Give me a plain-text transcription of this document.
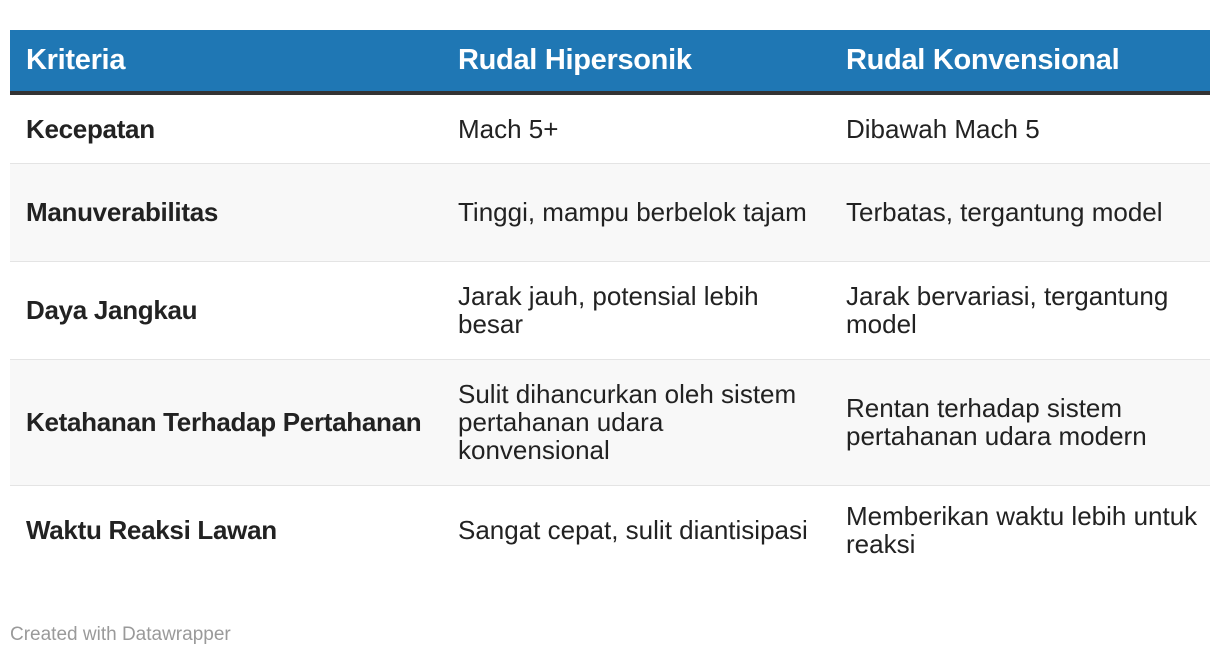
Kriteria	Rudal Hipersonik	Rudal Konvensional
Kecepatan	Mach 5+	Dibawah Mach 5
Manuverabilitas	Tinggi, mampu berbelok tajam	Terbatas, tergantung model
Daya Jangkau	Jarak jauh, potensial lebih besar	Jarak bervariasi, tergantung model
Ketahanan Terhadap Pertahanan	Sulit dihancurkan oleh sistem pertahanan udara konvensional	Rentan terhadap sistem pertahanan udara modern
Waktu Reaksi Lawan	Sangat cepat, sulit diantisipasi	Memberikan waktu lebih untuk reaksi
Created with Datawrapper
